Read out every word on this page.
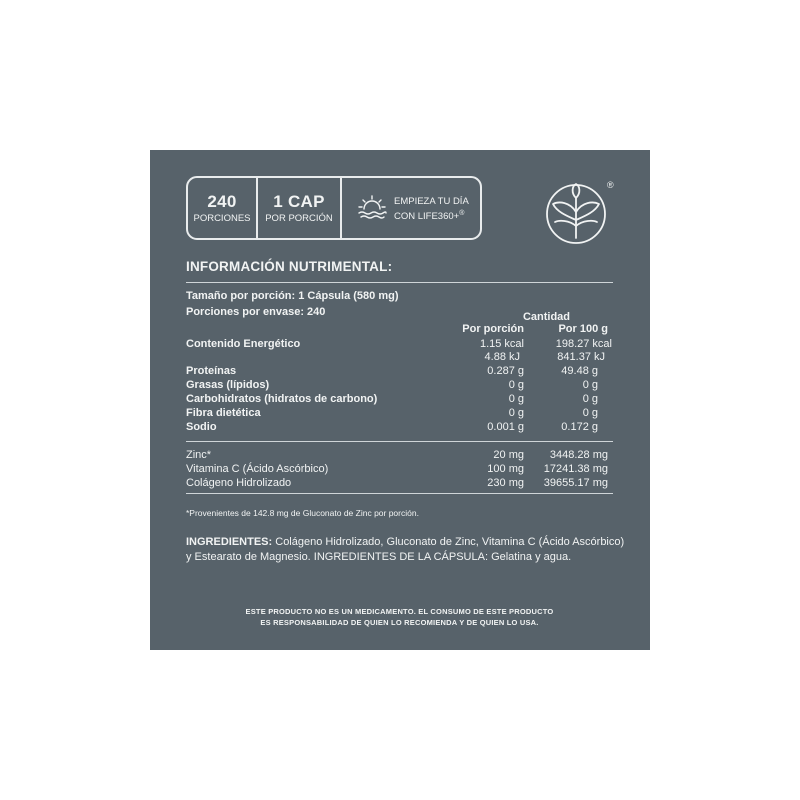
240
PORCIONES
1 CAP
POR PORCIÓN
EMPIEZA TU DÍA
CON LIFE360+®
®
INFORMACIÓN NUTRIMENTAL:
Tamaño por porción: 1 Cápsula (580 mg)
Porciones por envase: 240	Cantidad
Por porción	Por 100 g
Contenido Energético	1.15 kcal	198.27 kcal
4.88 kJ	841.37 kJ
Proteínas	0.287 g	49.48 g
Grasas (lípidos)	0 g	0 g
Carbohidratos (hidratos de carbono)	0 g	0 g
Fibra dietética	0 g	0 g
Sodio	0.001 g	0.172 g
Zinc*	20 mg	3448.28 mg
Vitamina C (Ácido Ascórbico)	100 mg	17241.38 mg
Colágeno Hidrolizado	230 mg	39655.17 mg
*Provenientes de 142.8 mg de Gluconato de Zinc por porción.
INGREDIENTES: Colágeno Hidrolizado, Gluconato de Zinc, Vitamina C (Ácido Ascórbico) y Estearato de Magnesio. INGREDIENTES DE LA CÁPSULA: Gelatina y agua.
ESTE PRODUCTO NO ES UN MEDICAMENTO. EL CONSUMO DE ESTE PRODUCTO
ES RESPONSABILIDAD DE QUIEN LO RECOMIENDA Y DE QUIEN LO USA.
